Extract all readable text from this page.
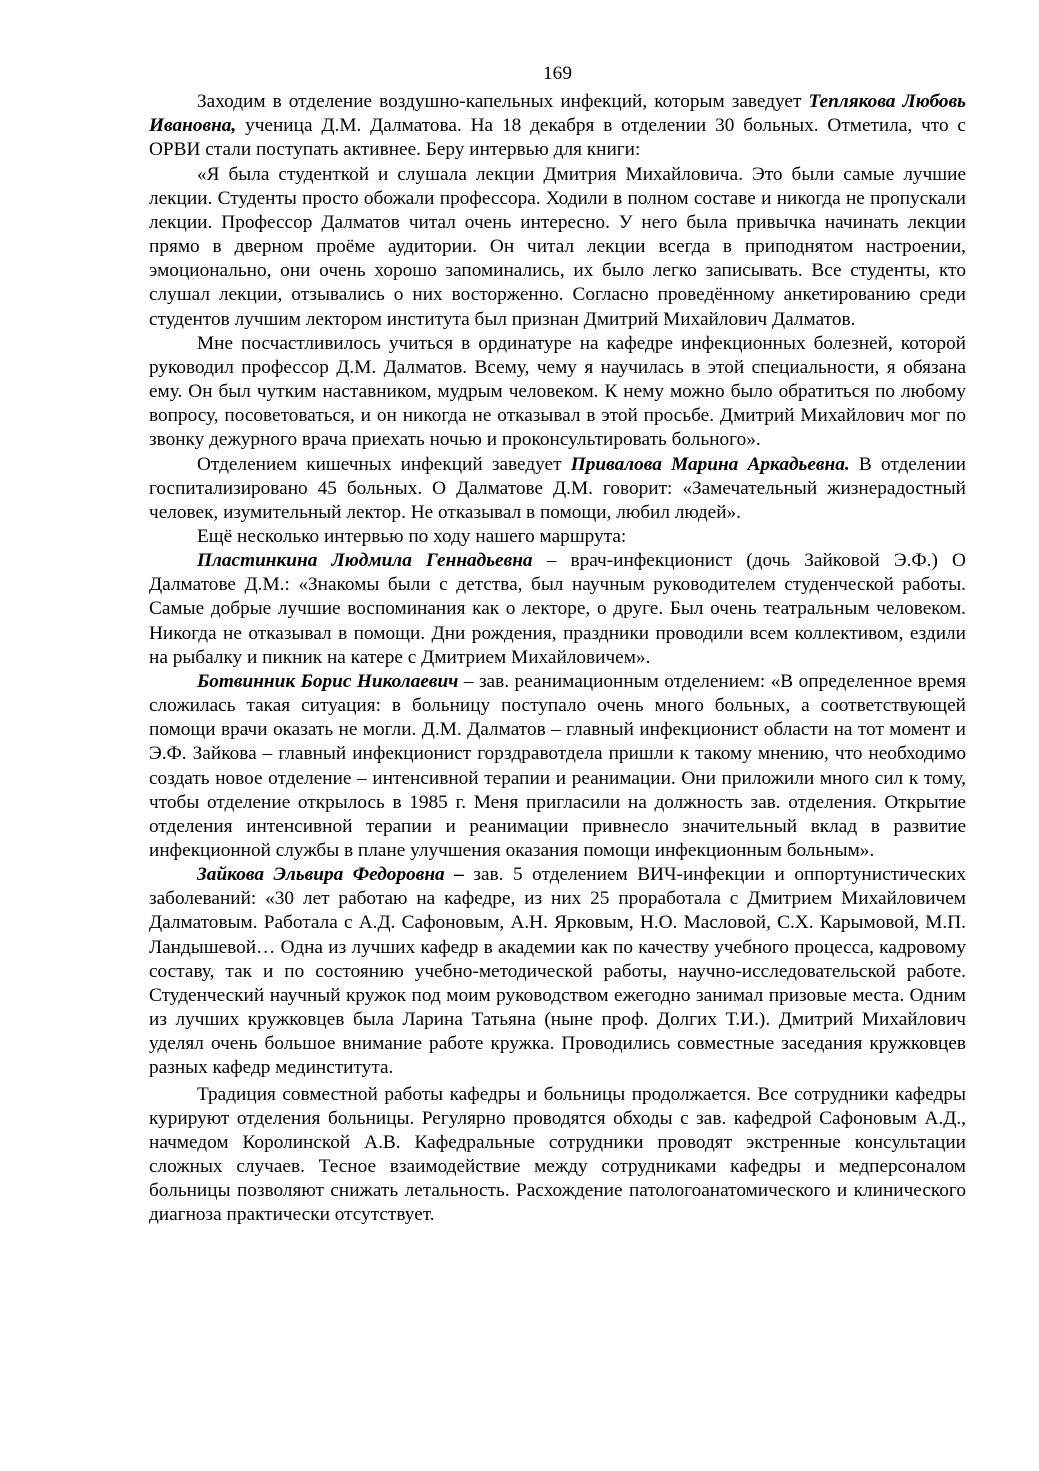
169

Заходим в отделение воздушно-капельных инфекций, которым заведует Теплякова Любовь Ивановна, ученица Д.М. Далматова. На 18 декабря в отделении 30 больных. Отметила, что с ОРВИ стали поступать активнее. Беру интервью для книги:

«Я была студенткой и слушала лекции Дмитрия Михайловича. Это были самые лучшие лекции. Студенты просто обожали профессора. Ходили в полном составе и никогда не пропускали лекции. Профессор Далматов читал очень интересно. У него была привычка начинать лекции прямо в дверном проёме аудитории. Он читал лекции всегда в приподнятом настроении, эмоционально, они очень хорошо запоминались, их было легко записывать. Все студенты, кто слушал лекции, отзывались о них восторженно. Согласно проведённому анкетированию среди студентов лучшим лектором института был признан Дмитрий Михайлович Далматов.

Мне посчастливилось учиться в ординатуре на кафедре инфекционных болезней, которой руководил профессор Д.М. Далматов. Всему, чему я научилась в этой специальности, я обязана ему. Он был чутким наставником, мудрым человеком. К нему можно было обратиться по любому вопросу, посоветоваться, и он никогда не отказывал в этой просьбе. Дмитрий Михайлович мог по звонку дежурного врача приехать ночью и проконсультировать больного».

Отделением кишечных инфекций заведует Привалова Марина Аркадьевна. В отделении госпитализировано 45 больных. О Далматове Д.М. говорит: «Замечательный жизнерадостный человек, изумительный лектор. Не отказывал в помощи, любил людей».

Ещё несколько интервью по ходу нашего маршрута:

Пластинкина Людмила Геннадьевна – врач-инфекционист (дочь Зайковой Э.Ф.) О Далматове Д.М.: «Знакомы были с детства, был научным руководителем студенческой работы. Самые добрые лучшие воспоминания как о лекторе, о друге. Был очень театральным человеком. Никогда не отказывал в помощи. Дни рождения, праздники проводили всем коллективом, ездили на рыбалку и пикник на катере с Дмитрием Михайловичем».

Ботвинник Борис Николаевич – зав. реанимационным отделением: «В определенное время сложилась такая ситуация: в больницу поступало очень много больных, а соответствующей помощи врачи оказать не могли. Д.М. Далматов – главный инфекционист области на тот момент и Э.Ф. Зайкова – главный инфекционист горздравотдела пришли к такому мнению, что необходимо создать новое отделение – интенсивной терапии и реанимации. Они приложили много сил к тому, чтобы отделение открылось в 1985 г. Меня пригласили на должность зав. отделения. Открытие отделения интенсивной терапии и реанимации привнесло значительный вклад в развитие инфекционной службы в плане улучшения оказания помощи инфекционным больным».

Зайкова Эльвира Федоровна – зав. 5 отделением ВИЧ-инфекции и оппортунистических заболеваний: «30 лет работаю на кафедре, из них 25 проработала с Дмитрием Михайловичем Далматовым. Работала с А.Д. Сафоновым, А.Н. Ярковым, Н.О. Масловой, С.Х. Карымовой, М.П. Ландышевой… Одна из лучших кафедр в академии как по качеству учебного процесса, кадровому составу, так и по состоянию учебно-методической работы, научно-исследовательской работе. Студенческий научный кружок под моим руководством ежегодно занимал призовые места. Одним из лучших кружковцев была Ларина Татьяна (ныне проф. Долгих Т.И.). Дмитрий Михайлович уделял очень большое внимание работе кружка. Проводились совместные заседания кружковцев разных кафедр мединститута.

Традиция совместной работы кафедры и больницы продолжается. Все сотрудники кафедры курируют отделения больницы. Регулярно проводятся обходы с зав. кафедрой Сафоновым А.Д., начмедом Королинской А.В. Кафедральные сотрудники проводят экстренные консультации сложных случаев. Тесное взаимодействие между сотрудниками кафедры и медперсоналом больницы позволяют снижать летальность. Расхождение патологоанатомического и клинического диагноза практически отсутствует.
